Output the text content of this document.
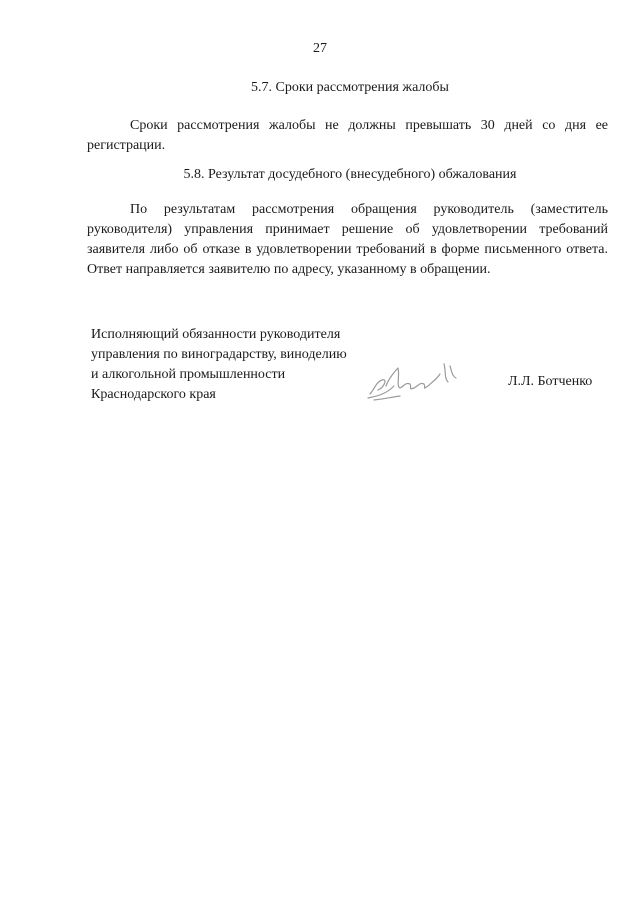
27
5.7. Сроки рассмотрения жалобы
Сроки рассмотрения жалобы не должны превышать 30 дней со дня ее регистрации.
5.8. Результат досудебного (внесудебного) обжалования
По результатам рассмотрения обращения руководитель (заместитель руководителя) управления принимает решение об удовлетворении требований заявителя либо об отказе в удовлетворении требований в форме письменного ответа. Ответ направляется заявителю по адресу, указанному в обращении.
Исполняющий обязанности руководителя
управления по виноградарству, виноделию
и алкогольной промышленности
Краснодарского края
Л.Л. Ботченко
